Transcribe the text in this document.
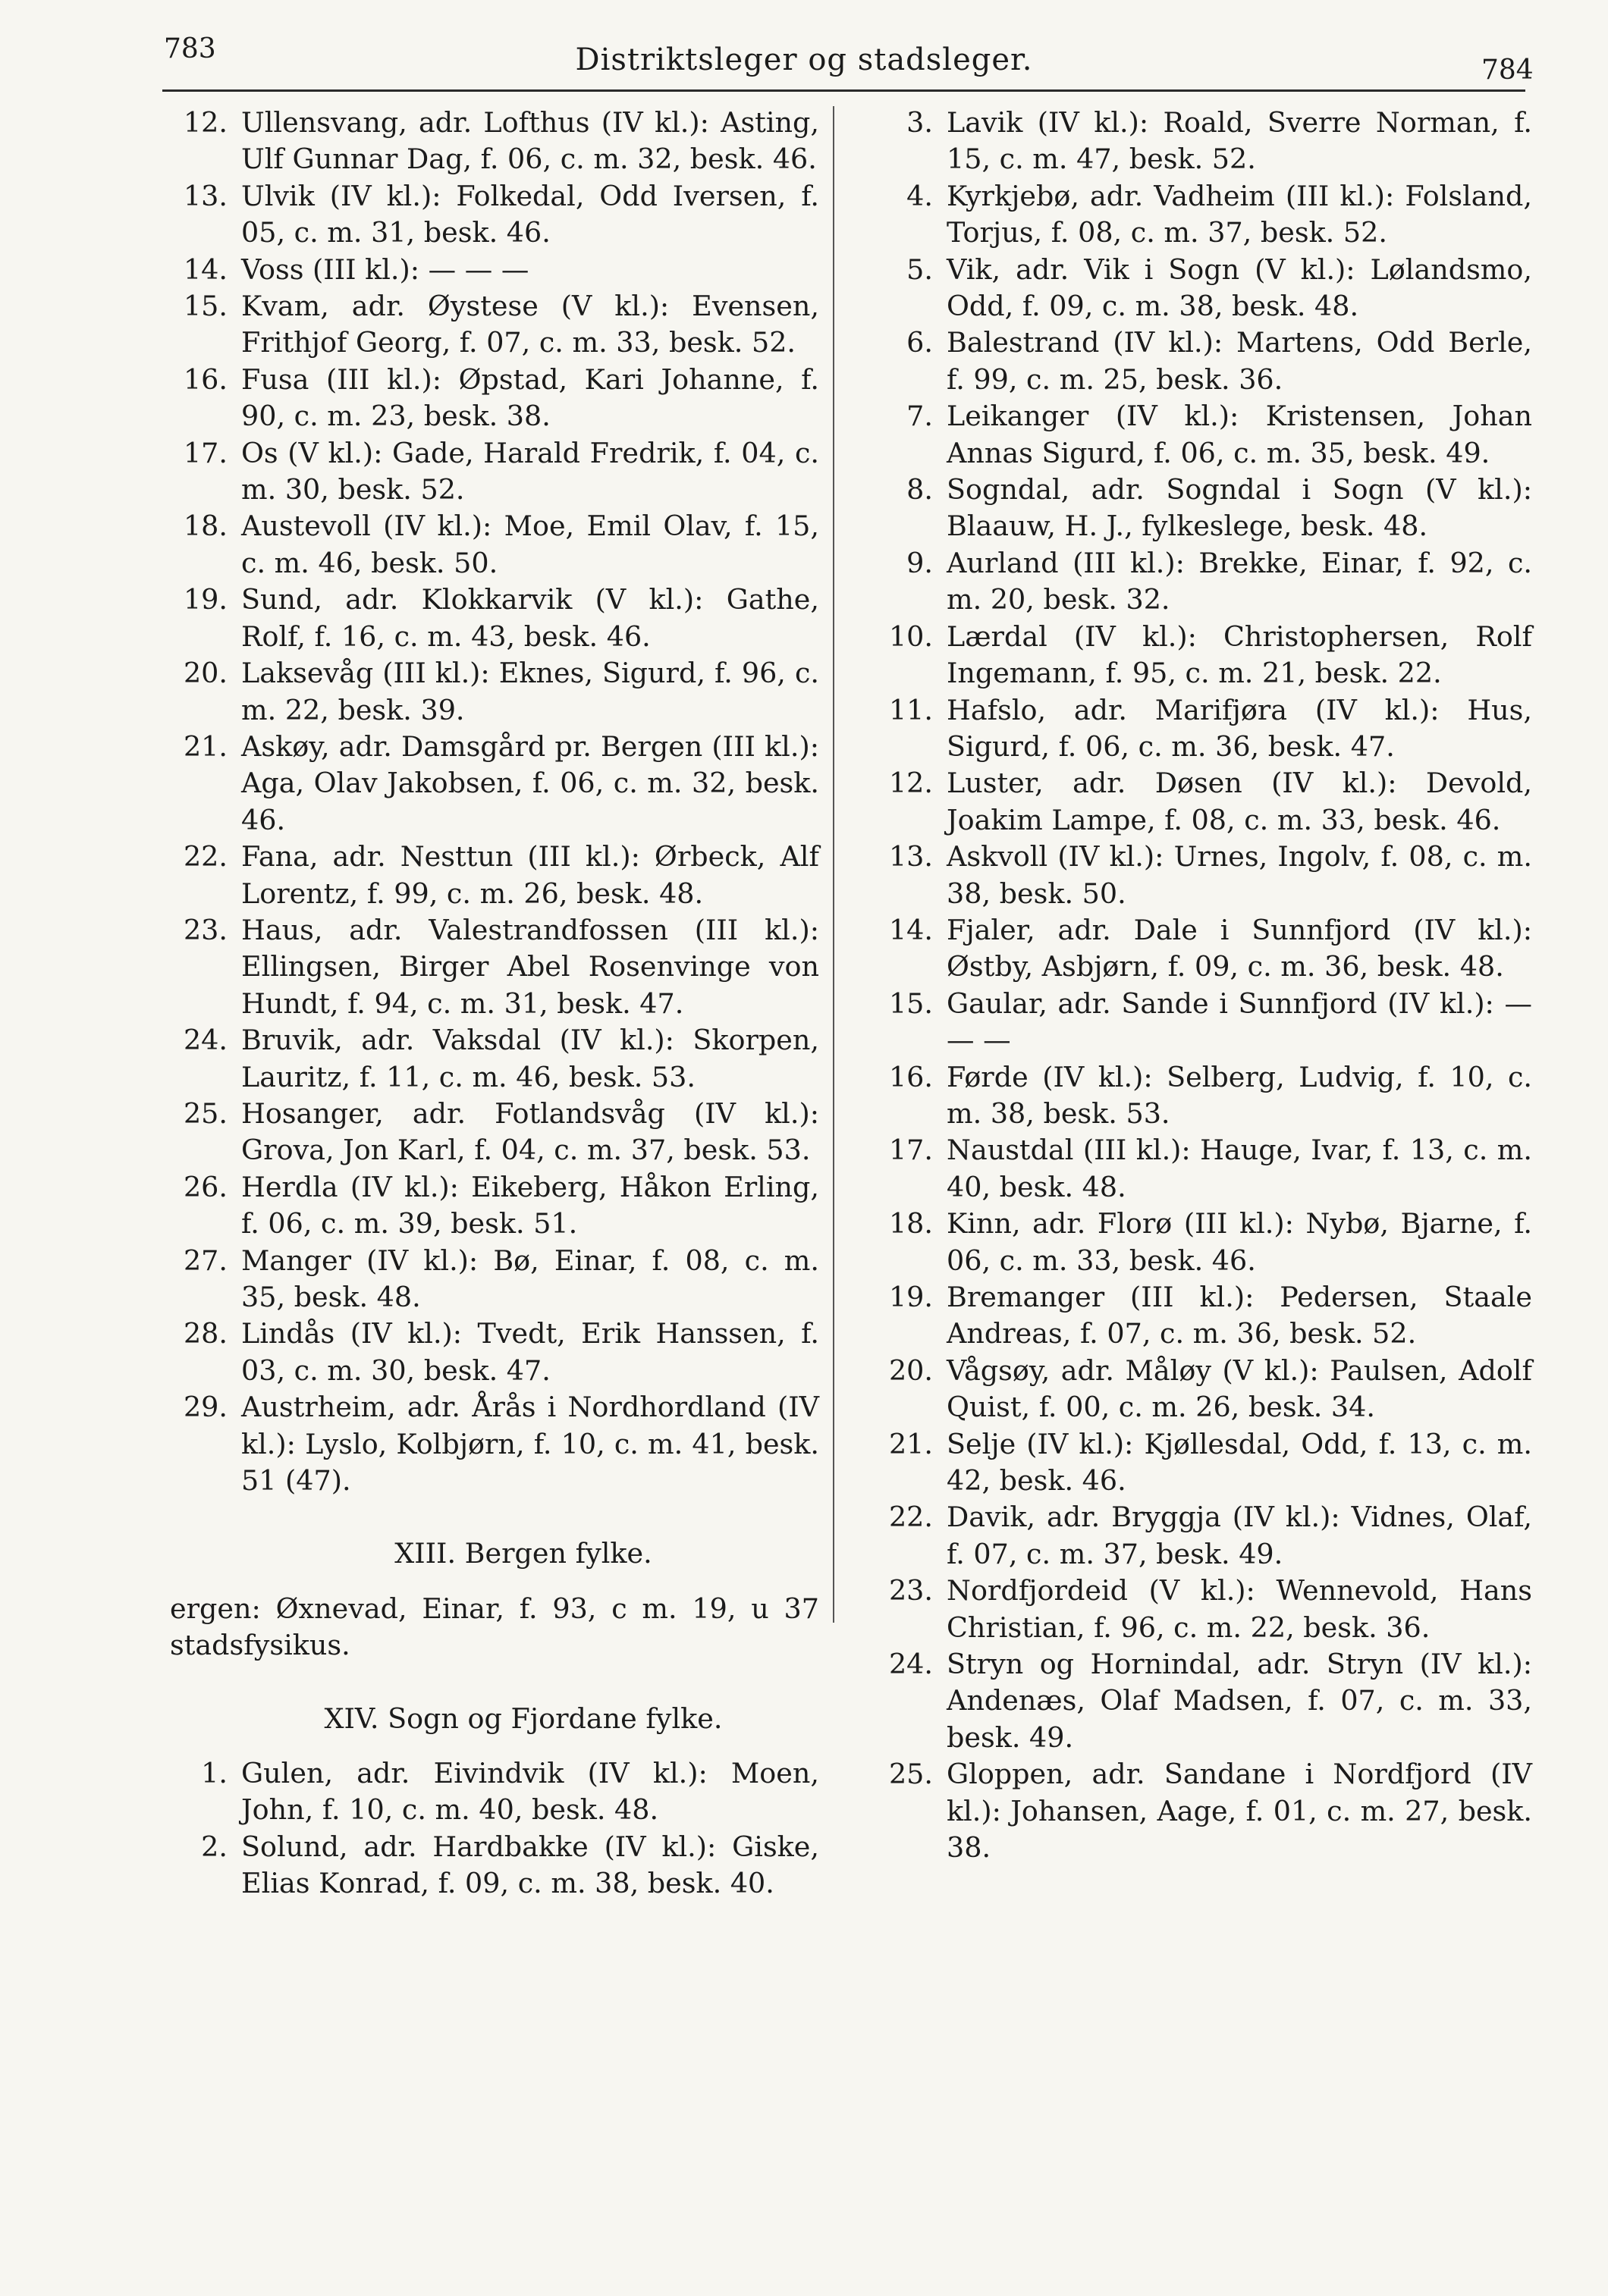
783	Distriktsleger og stadsleger.	784
12. Ullensvang, adr. Lofthus (IV kl.): Asting, Ulf Gunnar Dag, f. 06, c. m. 32, besk. 46.
13. Ulvik (IV kl.): Folkedal, Odd Iversen, f. 05, c. m. 31, besk. 46.
14. Voss (III kl.): — — —
15. Kvam, adr. Øystese (V kl.): Evensen, Frithjof Georg, f. 07, c. m. 33, besk. 52.
16. Fusa (III kl.): Øpstad, Kari Johanne, f. 90, c. m. 23, besk. 38.
17. Os (V kl.): Gade, Harald Fredrik, f. 04, c. m. 30, besk. 52.
18. Austevoll (IV kl.): Moe, Emil Olav, f. 15, c. m. 46, besk. 50.
19. Sund, adr. Klokkarvik (V kl.): Gathe, Rolf, f. 16, c. m. 43, besk. 46.
20. Laksevåg (III kl.): Eknes, Sigurd, f. 96, c. m. 22, besk. 39.
21. Askøy, adr. Damsgård pr. Bergen (III kl.): Aga, Olav Jakobsen, f. 06, c. m. 32, besk. 46.
22. Fana, adr. Nesttun (III kl.): Ørbeck, Alf Lorentz, f. 99, c. m. 26, besk. 48.
23. Haus, adr. Valestrandfossen (III kl.): Ellingsen, Birger Abel Rosenvinge von Hundt, f. 94, c. m. 31, besk. 47.
24. Bruvik, adr. Vaksdal (IV kl.): Skorpen, Lauritz, f. 11, c. m. 46, besk. 53.
25. Hosanger, adr. Fotlandsvåg (IV kl.): Grova, Jon Karl, f. 04, c. m. 37, besk. 53.
26. Herdla (IV kl.): Eikeberg, Håkon Erling, f. 06, c. m. 39, besk. 51.
27. Manger (IV kl.): Bø, Einar, f. 08, c. m. 35, besk. 48.
28. Lindås (IV kl.): Tvedt, Erik Hanssen, f. 03, c. m. 30, besk. 47.
29. Austrheim, adr. Årås i Nordhordland (IV kl.): Lyslo, Kolbjørn, f. 10, c. m. 41, besk. 51 (47).
XIII. Bergen fylke.
ergen: Øxnevad, Einar, f. 93, c m. 19, u 37 stadsfysikus.
XIV. Sogn og Fjordane fylke.
1. Gulen, adr. Eivindvik (IV kl.): Moen, John, f. 10, c. m. 40, besk. 48.
2. Solund, adr. Hardbakke (IV kl.): Giske, Elias Konrad, f. 09, c. m. 38, besk. 40.
3. Lavik (IV kl.): Roald, Sverre Norman, f. 15, c. m. 47, besk. 52.
4. Kyrkjebø, adr. Vadheim (III kl.): Folsland, Torjus, f. 08, c. m. 37, besk. 52.
5. Vik, adr. Vik i Sogn (V kl.): Lølandsmo, Odd, f. 09, c. m. 38, besk. 48.
6. Balestrand (IV kl.): Martens, Odd Berle, f. 99, c. m. 25, besk. 36.
7. Leikanger (IV kl.): Kristensen, Johan Annas Sigurd, f. 06, c. m. 35, besk. 49.
8. Sogndal, adr. Sogndal i Sogn (V kl.): Blaauw, H. J., fylkeslege, besk. 48.
9. Aurland (III kl.): Brekke, Einar, f. 92, c. m. 20, besk. 32.
10. Lærdal (IV kl.): Christophersen, Rolf Ingemann, f. 95, c. m. 21, besk. 22.
11. Hafslo, adr. Marifjøra (IV kl.): Hus, Sigurd, f. 06, c. m. 36, besk. 47.
12. Luster, adr. Døsen (IV kl.): Devold, Joakim Lampe, f. 08, c. m. 33, besk. 46.
13. Askvoll (IV kl.): Urnes, Ingolv, f. 08, c. m. 38, besk. 50.
14. Fjaler, adr. Dale i Sunnfjord (IV kl.): Østby, Asbjørn, f. 09, c. m. 36, besk. 48.
15. Gaular, adr. Sande i Sunnfjord (IV kl.): — — —
16. Førde (IV kl.): Selberg, Ludvig, f. 10, c. m. 38, besk. 53.
17. Naustdal (III kl.): Hauge, Ivar, f. 13, c. m. 40, besk. 48.
18. Kinn, adr. Florø (III kl.): Nybø, Bjarne, f. 06, c. m. 33, besk. 46.
19. Bremanger (III kl.): Pedersen, Staale Andreas, f. 07, c. m. 36, besk. 52.
20. Vågsøy, adr. Måløy (V kl.): Paulsen, Adolf Quist, f. 00, c. m. 26, besk. 34.
21. Selje (IV kl.): Kjøllesdal, Odd, f. 13, c. m. 42, besk. 46.
22. Davik, adr. Bryggja (IV kl.): Vidnes, Olaf, f. 07, c. m. 37, besk. 49.
23. Nordfjordeid (V kl.): Wennevold, Hans Christian, f. 96, c. m. 22, besk. 36.
24. Stryn og Hornindal, adr. Stryn (IV kl.): Andenæs, Olaf Madsen, f. 07, c. m. 33, besk. 49.
25. Gloppen, adr. Sandane i Nordfjord (IV kl.): Johansen, Aage, f. 01, c. m. 27, besk. 38.
